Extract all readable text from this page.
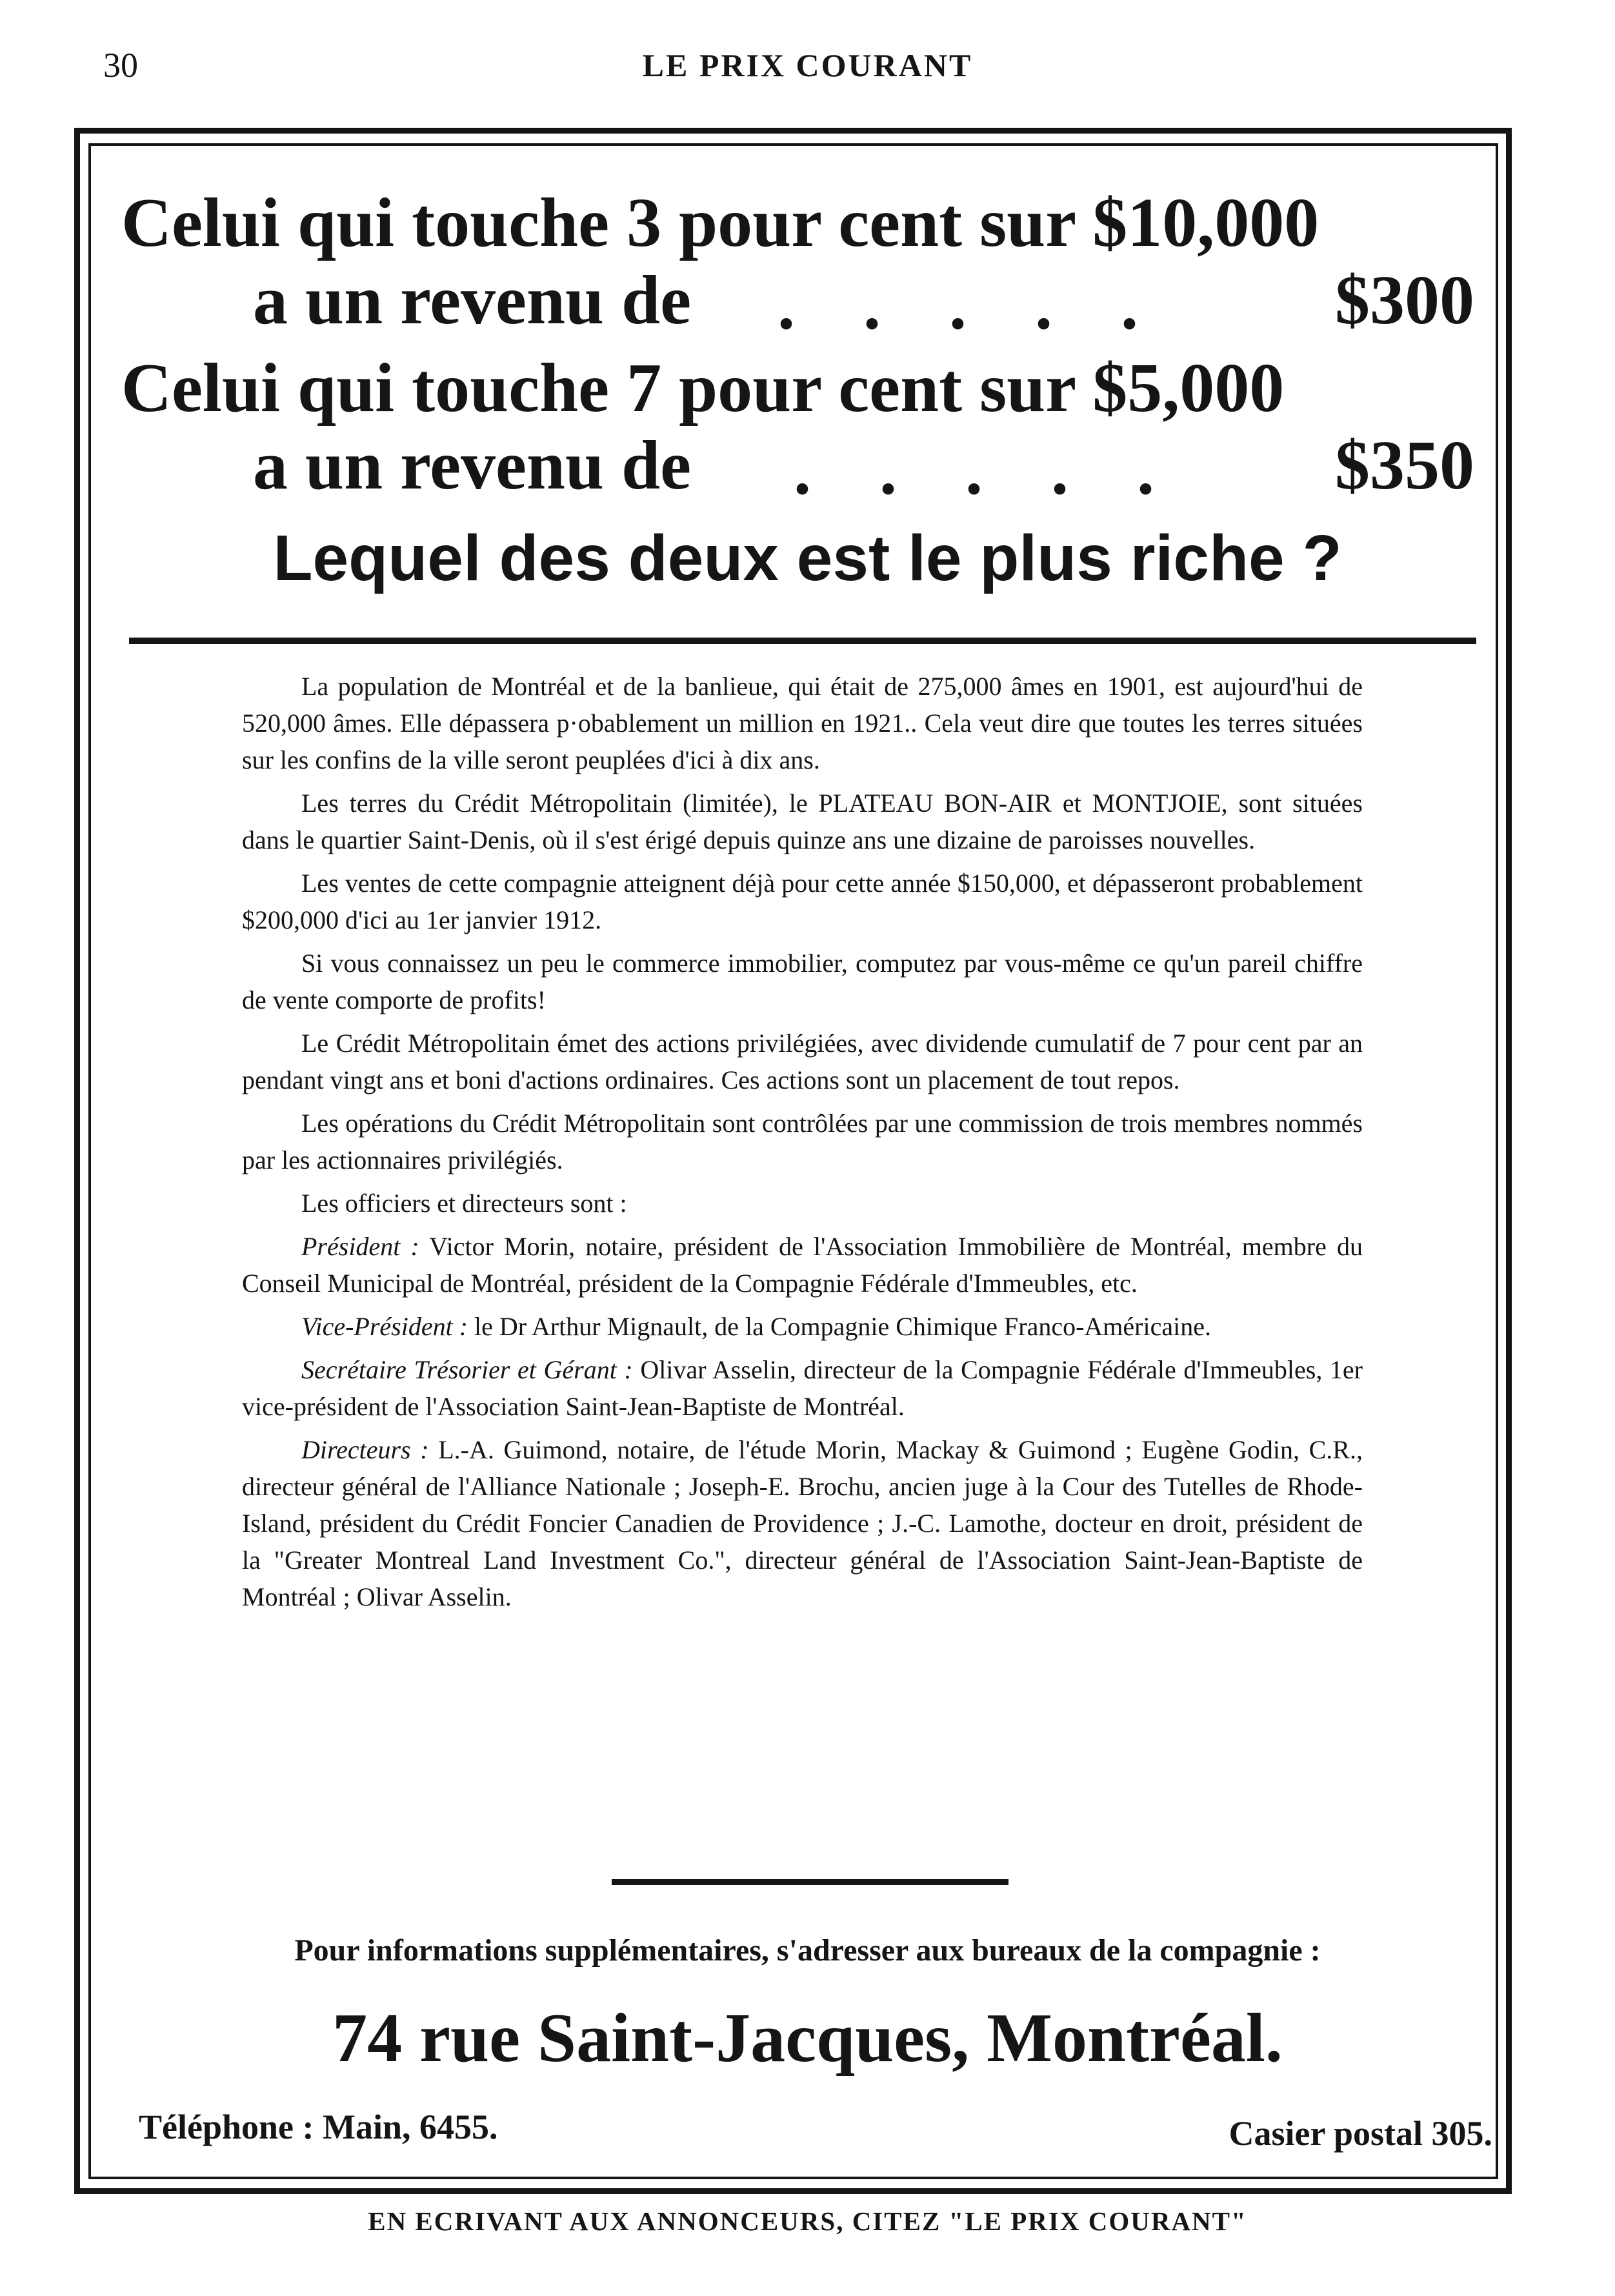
30	LE PRIX COURANT
Celui qui touche 3 pour cent sur $10,000
a un revenu de ..... $300
Celui qui touche 7 pour cent sur $5,000
a un revenu de ..... $350
Lequel des deux est le plus riche ?

La population de Montréal et de la banlieue, qui était de 275,000 âmes en 1901, est aujourd'hui de 520,000 âmes. Elle dépassera p·obablement un million en 1921.. Cela veut dire que toutes les terres situées sur les confins de la ville seront peuplées d'ici à dix ans.

Les terres du Crédit Métropolitain (limitée), le PLATEAU BON-AIR et MONTJOIE, sont situées dans le quartier Saint-Denis, où il s'est érigé depuis quinze ans une dizaine de paroisses nouvelles.

Les ventes de cette compagnie atteignent déjà pour cette année $150,000, et dépasseront probablement $200,000 d'ici au 1er janvier 1912.

Si vous connaissez un peu le commerce immobilier, computez par vous-même ce qu'un pareil chiffre de vente comporte de profits!

Le Crédit Métropolitain émet des actions privilégiées, avec dividende cumulatif de 7 pour cent par an pendant vingt ans et boni d'actions ordinaires. Ces actions sont un placement de tout repos.

Les opérations du Crédit Métropolitain sont contrôlées par une commission de trois membres nommés par les actionnaires privilégiés.

Les officiers et directeurs sont :

Président : Victor Morin, notaire, président de l'Association Immobilière de Montréal, membre du Conseil Municipal de Montréal, président de la Compagnie Fédérale d'Immeubles, etc.

Vice-Président : le Dr Arthur Mignault, de la Compagnie Chimique Franco-Américaine.

Secrétaire Trésorier et Gérant : Olivar Asselin, directeur de la Compagnie Fédérale d'Immeubles, 1er vice-président de l'Association Saint-Jean-Baptiste de Montréal.

Directeurs : L.-A. Guimond, notaire, de l'étude Morin, Mackay & Guimond ; Eugène Godin, C.R., directeur général de l'Alliance Nationale ; Joseph-E. Brochu, ancien juge à la Cour des Tutelles de Rhode-Island, président du Crédit Foncier Canadien de Providence ; J.-C. Lamothe, docteur en droit, président de la "Greater Montreal Land Investment Co.", directeur général de l'Association Saint-Jean-Baptiste de Montréal ; Olivar Asselin.

Pour informations supplémentaires, s'adresser aux bureaux de la compagnie :
74 rue Saint-Jacques, Montréal.
Téléphone : Main, 6455.	Casier postal 305.
EN ECRIVANT AUX ANNONCEURS, CITEZ "LE PRIX COURANT"
